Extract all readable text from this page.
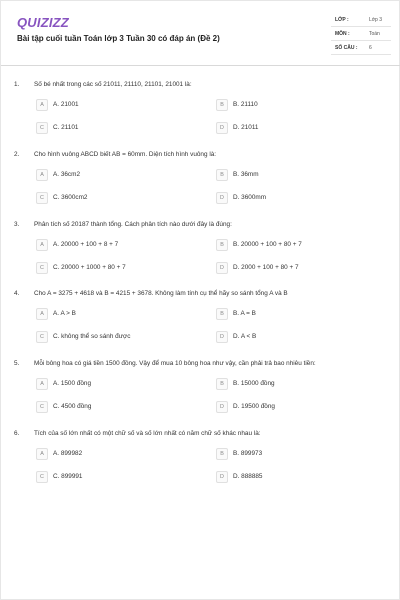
QUIZIZZ
Bài tập cuối tuần Toán lớp 3 Tuần 30 có đáp án (Đề 2)
LỚP :	Lớp 3
MÔN :	Toán
SỐ CÂU : 6
1. Số bé nhất trong các số 21011, 21110, 21101, 21001 là:
A	A. 21001	B	B. 21110
C	C. 21101	D	D. 21011
2. Cho hình vuông ABCD biết AB = 60mm. Diện tích hình vuông là:
A	A. 36cm2	B	B. 36mm
C	C. 3600cm2	D	D. 3600mm
3. Phân tích số 20187 thành tổng. Cách phân tích nào dưới đây là đúng:
A	A. 20000 + 100 + 8 + 7	B	B. 20000 + 100 + 80 + 7
C	C. 20000 + 1000 + 80 + 7	D	D. 2000 + 100 + 80 + 7
4. Cho A = 3275 + 4618 và B = 4215 + 3678. Không làm tính cụ thể hãy so sánh tổng A và B
A	A. A > B	B	B. A = B
C	C. không thể so sánh được	D	D. A < B
5. Mỗi bông hoa có giá tiền 1500 đồng. Vậy để mua 10 bông hoa như vậy, cần phải trả bao nhiêu tiền:
A	A. 1500 đồng	B	B. 15000 đồng
C	C. 4500 đồng	D	D. 19500 đồng
6. Tích của số lớn nhất có một chữ số và số lớn nhất có năm chữ số khác nhau là:
A	A. 899982	B	B. 899973
C	C. 899991	D	D. 888885
